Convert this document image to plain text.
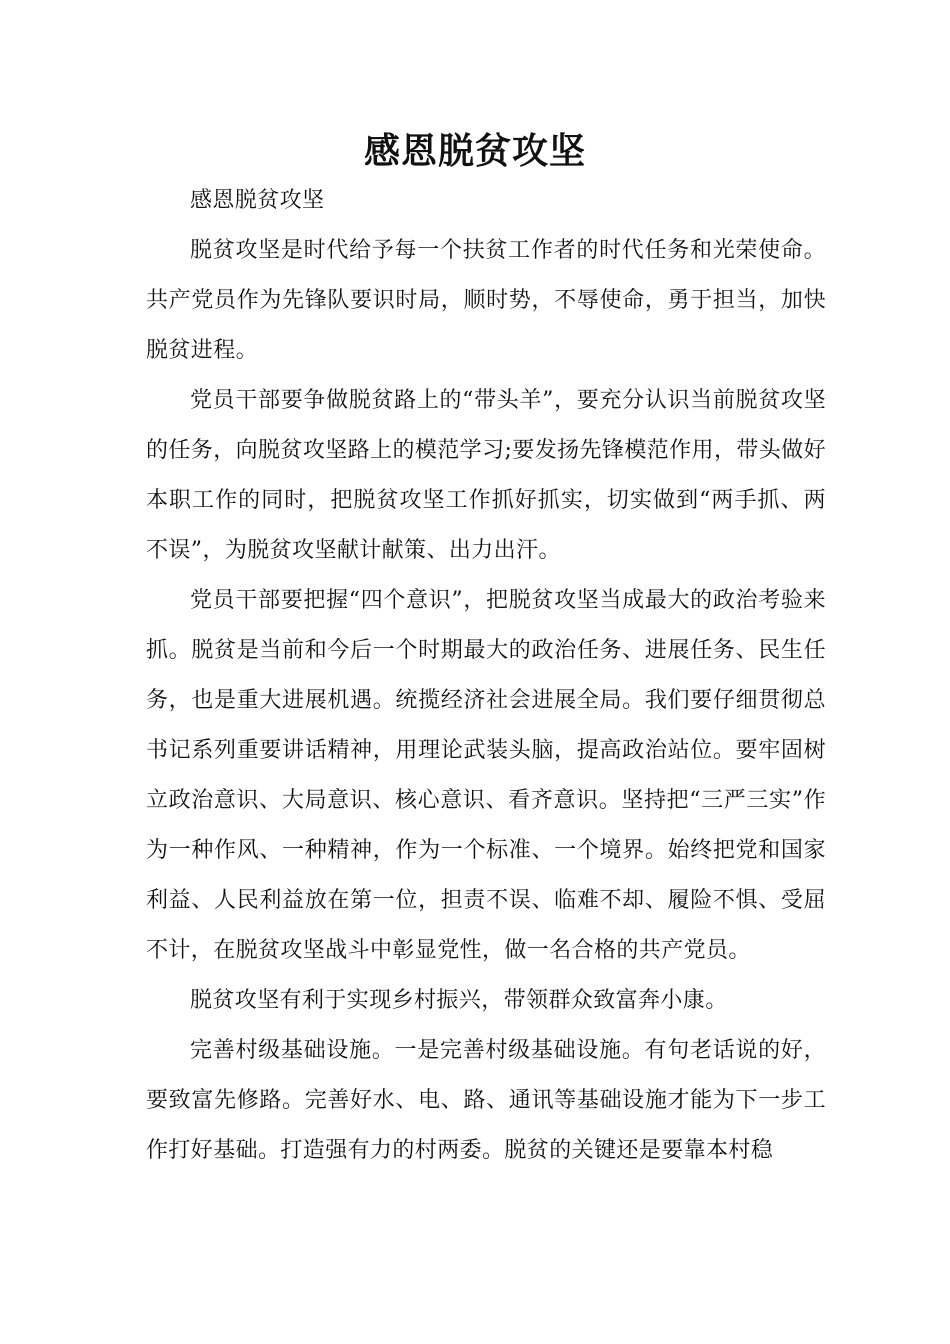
感恩脱贫攻坚

感恩脱贫攻坚

脱贫攻坚是时代给予每一个扶贫工作者的时代任务和光荣使命。共产党员作为先锋队要识时局，顺时势，不辱使命，勇于担当，加快脱贫进程。

党员干部要争做脱贫路上的“带头羊”，要充分认识当前脱贫攻坚的任务，向脱贫攻坚路上的模范学习;要发扬先锋模范作用，带头做好本职工作的同时，把脱贫攻坚工作抓好抓实，切实做到“两手抓、两不误”，为脱贫攻坚献计献策、出力出汗。

党员干部要把握“四个意识”，把脱贫攻坚当成最大的政治考验来抓。脱贫是当前和今后一个时期最大的政治任务、进展任务、民生任务，也是重大进展机遇。统揽经济社会进展全局。我们要仔细贯彻总书记系列重要讲话精神，用理论武装头脑，提高政治站位。要牢固树立政治意识、大局意识、核心意识、看齐意识。坚持把“三严三实”作为一种作风、一种精神，作为一个标准、一个境界。始终把党和国家利益、人民利益放在第一位，担责不误、临难不却、履险不惧、受屈不计，在脱贫攻坚战斗中彰显党性，做一名合格的共产党员。

脱贫攻坚有利于实现乡村振兴，带领群众致富奔小康。

完善村级基础设施。一是完善村级基础设施。有句老话说的好，要致富先修路。完善好水、电、路、通讯等基础设施才能为下一步工作打好基础。打造强有力的村两委。脱贫的关键还是要靠本村稳
